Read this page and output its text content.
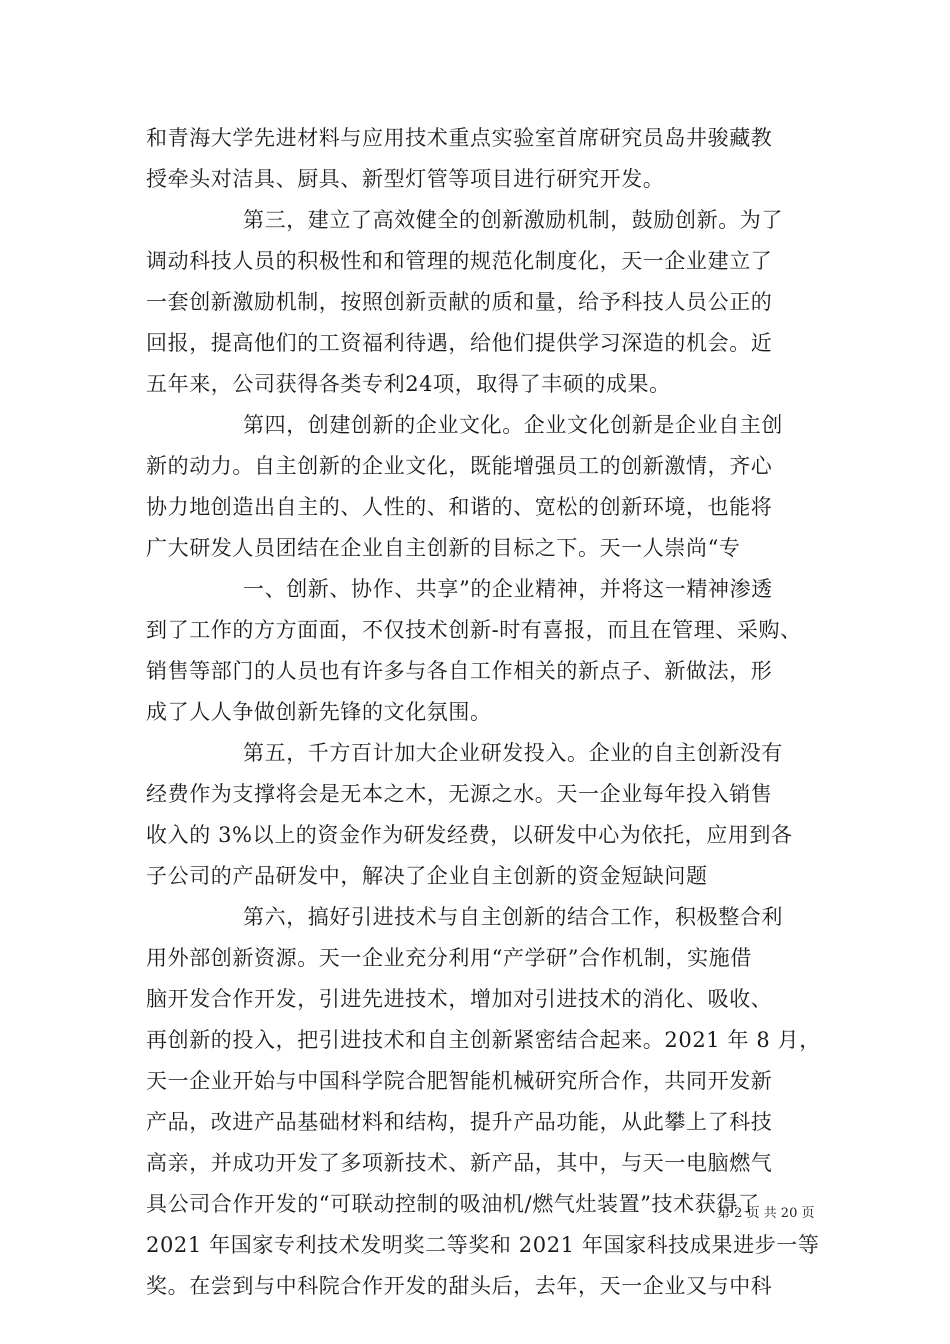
和青海大学先进材料与应用技术重点实验室首席研究员岛井骏藏教
授牵头对洁具、厨具、新型灯管等项目进行研究开发。
第三，建立了高效健全的创新激励机制，鼓励创新。为了
调动科技人员的积极性和和管理的规范化制度化，天一企业建立了
一套创新激励机制，按照创新贡献的质和量，给予科技人员公正的
回报，提高他们的工资福利待遇，给他们提供学习深造的机会。近
五年来，公司获得各类专利24项，取得了丰硕的成果。
第四，创建创新的企业文化。企业文化创新是企业自主创
新的动力。自主创新的企业文化，既能增强员工的创新激情，齐心
协力地创造出自主的、人性的、和谐的、宽松的创新环境，也能将
广大研发人员团结在企业自主创新的目标之下。天一人崇尚“专
一、创新、协作、共享”的企业精神，并将这一精神渗透
到了工作的方方面面，不仅技术创新-时有喜报，而且在管理、采购、
销售等部门的人员也有许多与各自工作相关的新点子、新做法，形
成了人人争做创新先锋的文化氛围。
第五，千方百计加大企业研发投入。企业的自主创新没有
经费作为支撑将会是无本之木，无源之水。天一企业每年投入销售
收入的 3%以上的资金作为研发经费，以研发中心为依托，应用到各
子公司的产品研发中，解决了企业自主创新的资金短缺问题
第六，搞好引进技术与自主创新的结合工作，积极整合利
用外部创新资源。天一企业充分利用“产学研”合作机制，实施借
脑开发合作开发，引进先进技术，增加对引进技术的消化、吸收、
再创新的投入，把引进技术和自主创新紧密结合起来。2021 年 8 月，
天一企业开始与中国科学院合肥智能机械研究所合作，共同开发新
产品，改进产品基础材料和结构，提升产品功能，从此攀上了科技
高亲，并成功开发了多项新技术、新产品，其中，与天一电脑燃气
具公司合作开发的“可联动控制的吸油机/燃气灶装置”技术获得了
2021 年国家专利技术发明奖二等奖和 2021 年国家科技成果进步一等
奖。在尝到与中科院合作开发的甜头后，去年，天一企业又与中科
第 2 页 共 20 页
